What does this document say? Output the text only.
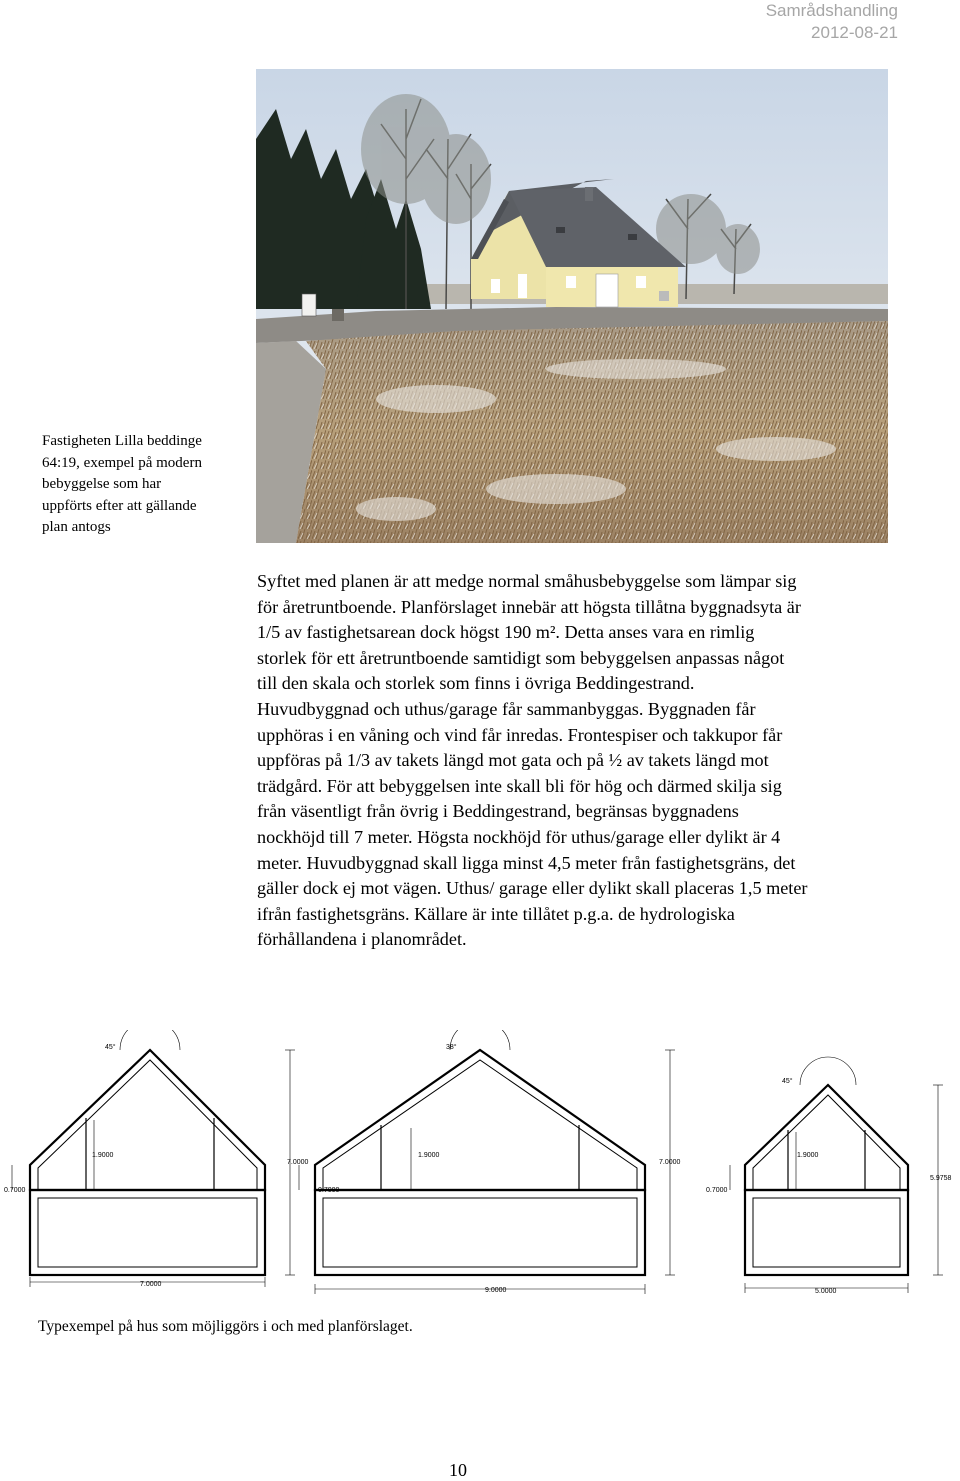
Samrådshandling
2012-08-21
Fastigheten Lilla beddinge
64:19, exempel på modern
bebyggelse som har
uppförts efter att gällande
plan antogs
Syftet med planen är att medge normal småhusbebyggelse som lämpar sig
för åretruntboende. Planförslaget innebär att högsta tillåtna byggnadsyta är
1/5 av fastighetsarean dock högst 190 m². Detta anses vara en rimlig
storlek för ett åretruntboende samtidigt som bebyggelsen anpassas något
till den skala och storlek som finns i övriga Beddingestrand.
Huvudbyggnad och uthus/garage får sammanbyggas. Byggnaden får
upphöras i en våning och vind får inredas. Frontespiser och takkupor får
uppföras på 1/3 av takets längd mot gata och på ½ av takets längd mot
trädgård. För att bebyggelsen inte skall bli för hög och därmed skilja sig
från väsentligt från övrig i Beddingestrand, begränsas byggnadens
nockhöjd till 7 meter. Högsta nockhöjd för uthus/garage eller dylikt är 4
meter. Huvudbyggnad skall ligga minst 4,5 meter från fastighetsgräns, det
gäller dock ej mot vägen. Uthus/ garage eller dylikt skall placeras 1,5 meter
ifrån fastighetsgräns. Källare är inte tillåtet p.g.a. de hydrologiska
förhållandena i planområdet.
45°
1.9000
7.0000
0.7000
7.0000
38°
1.9000
7.0000
0.7000
9.0000
45°
1.9000
5.9758
0.7000
5.0000
Typexempel på hus som möjliggörs i och med planförslaget.
10
